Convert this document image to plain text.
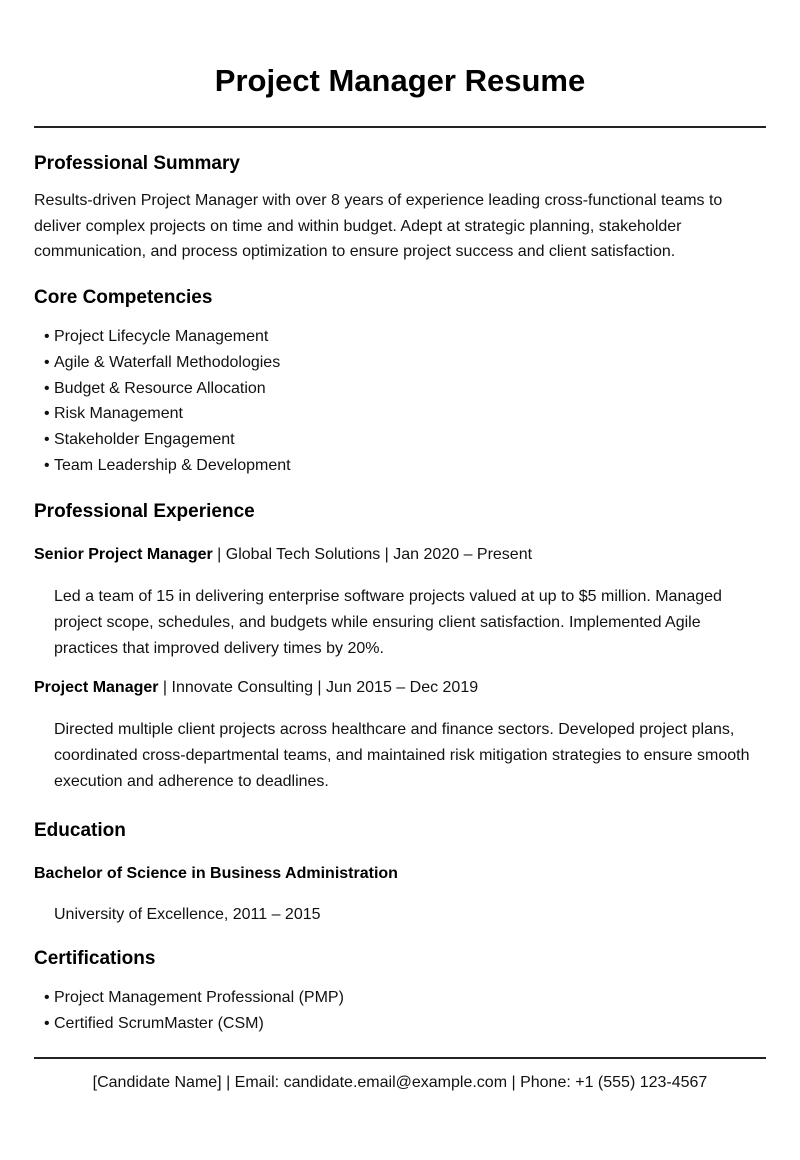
Project Manager Resume
Professional Summary

Results-driven Project Manager with over 8 years of experience leading cross-functional teams to deliver complex projects on time and within budget. Adept at strategic planning, stakeholder communication, and process optimization to ensure project success and client satisfaction.

Core Competencies
• Project Lifecycle Management
• Agile & Waterfall Methodologies
• Budget & Resource Allocation
• Risk Management
• Stakeholder Engagement
• Team Leadership & Development
Professional Experience

Senior Project Manager | Global Tech Solutions | Jan 2020 – Present

Led a team of 15 in delivering enterprise software projects valued at up to $5 million. Managed project scope, schedules, and budgets while ensuring client satisfaction. Implemented Agile practices that improved delivery times by 20%.

Project Manager | Innovate Consulting | Jun 2015 – Dec 2019

Directed multiple client projects across healthcare and finance sectors. Developed project plans, coordinated cross-departmental teams, and maintained risk mitigation strategies to ensure smooth execution and adherence to deadlines.

Education

Bachelor of Science in Business Administration

University of Excellence, 2011 – 2015

Certifications
• Project Management Professional (PMP)
• Certified ScrumMaster (CSM)

[Candidate Name] | Email: candidate.email@example.com | Phone: +1 (555) 123-4567
